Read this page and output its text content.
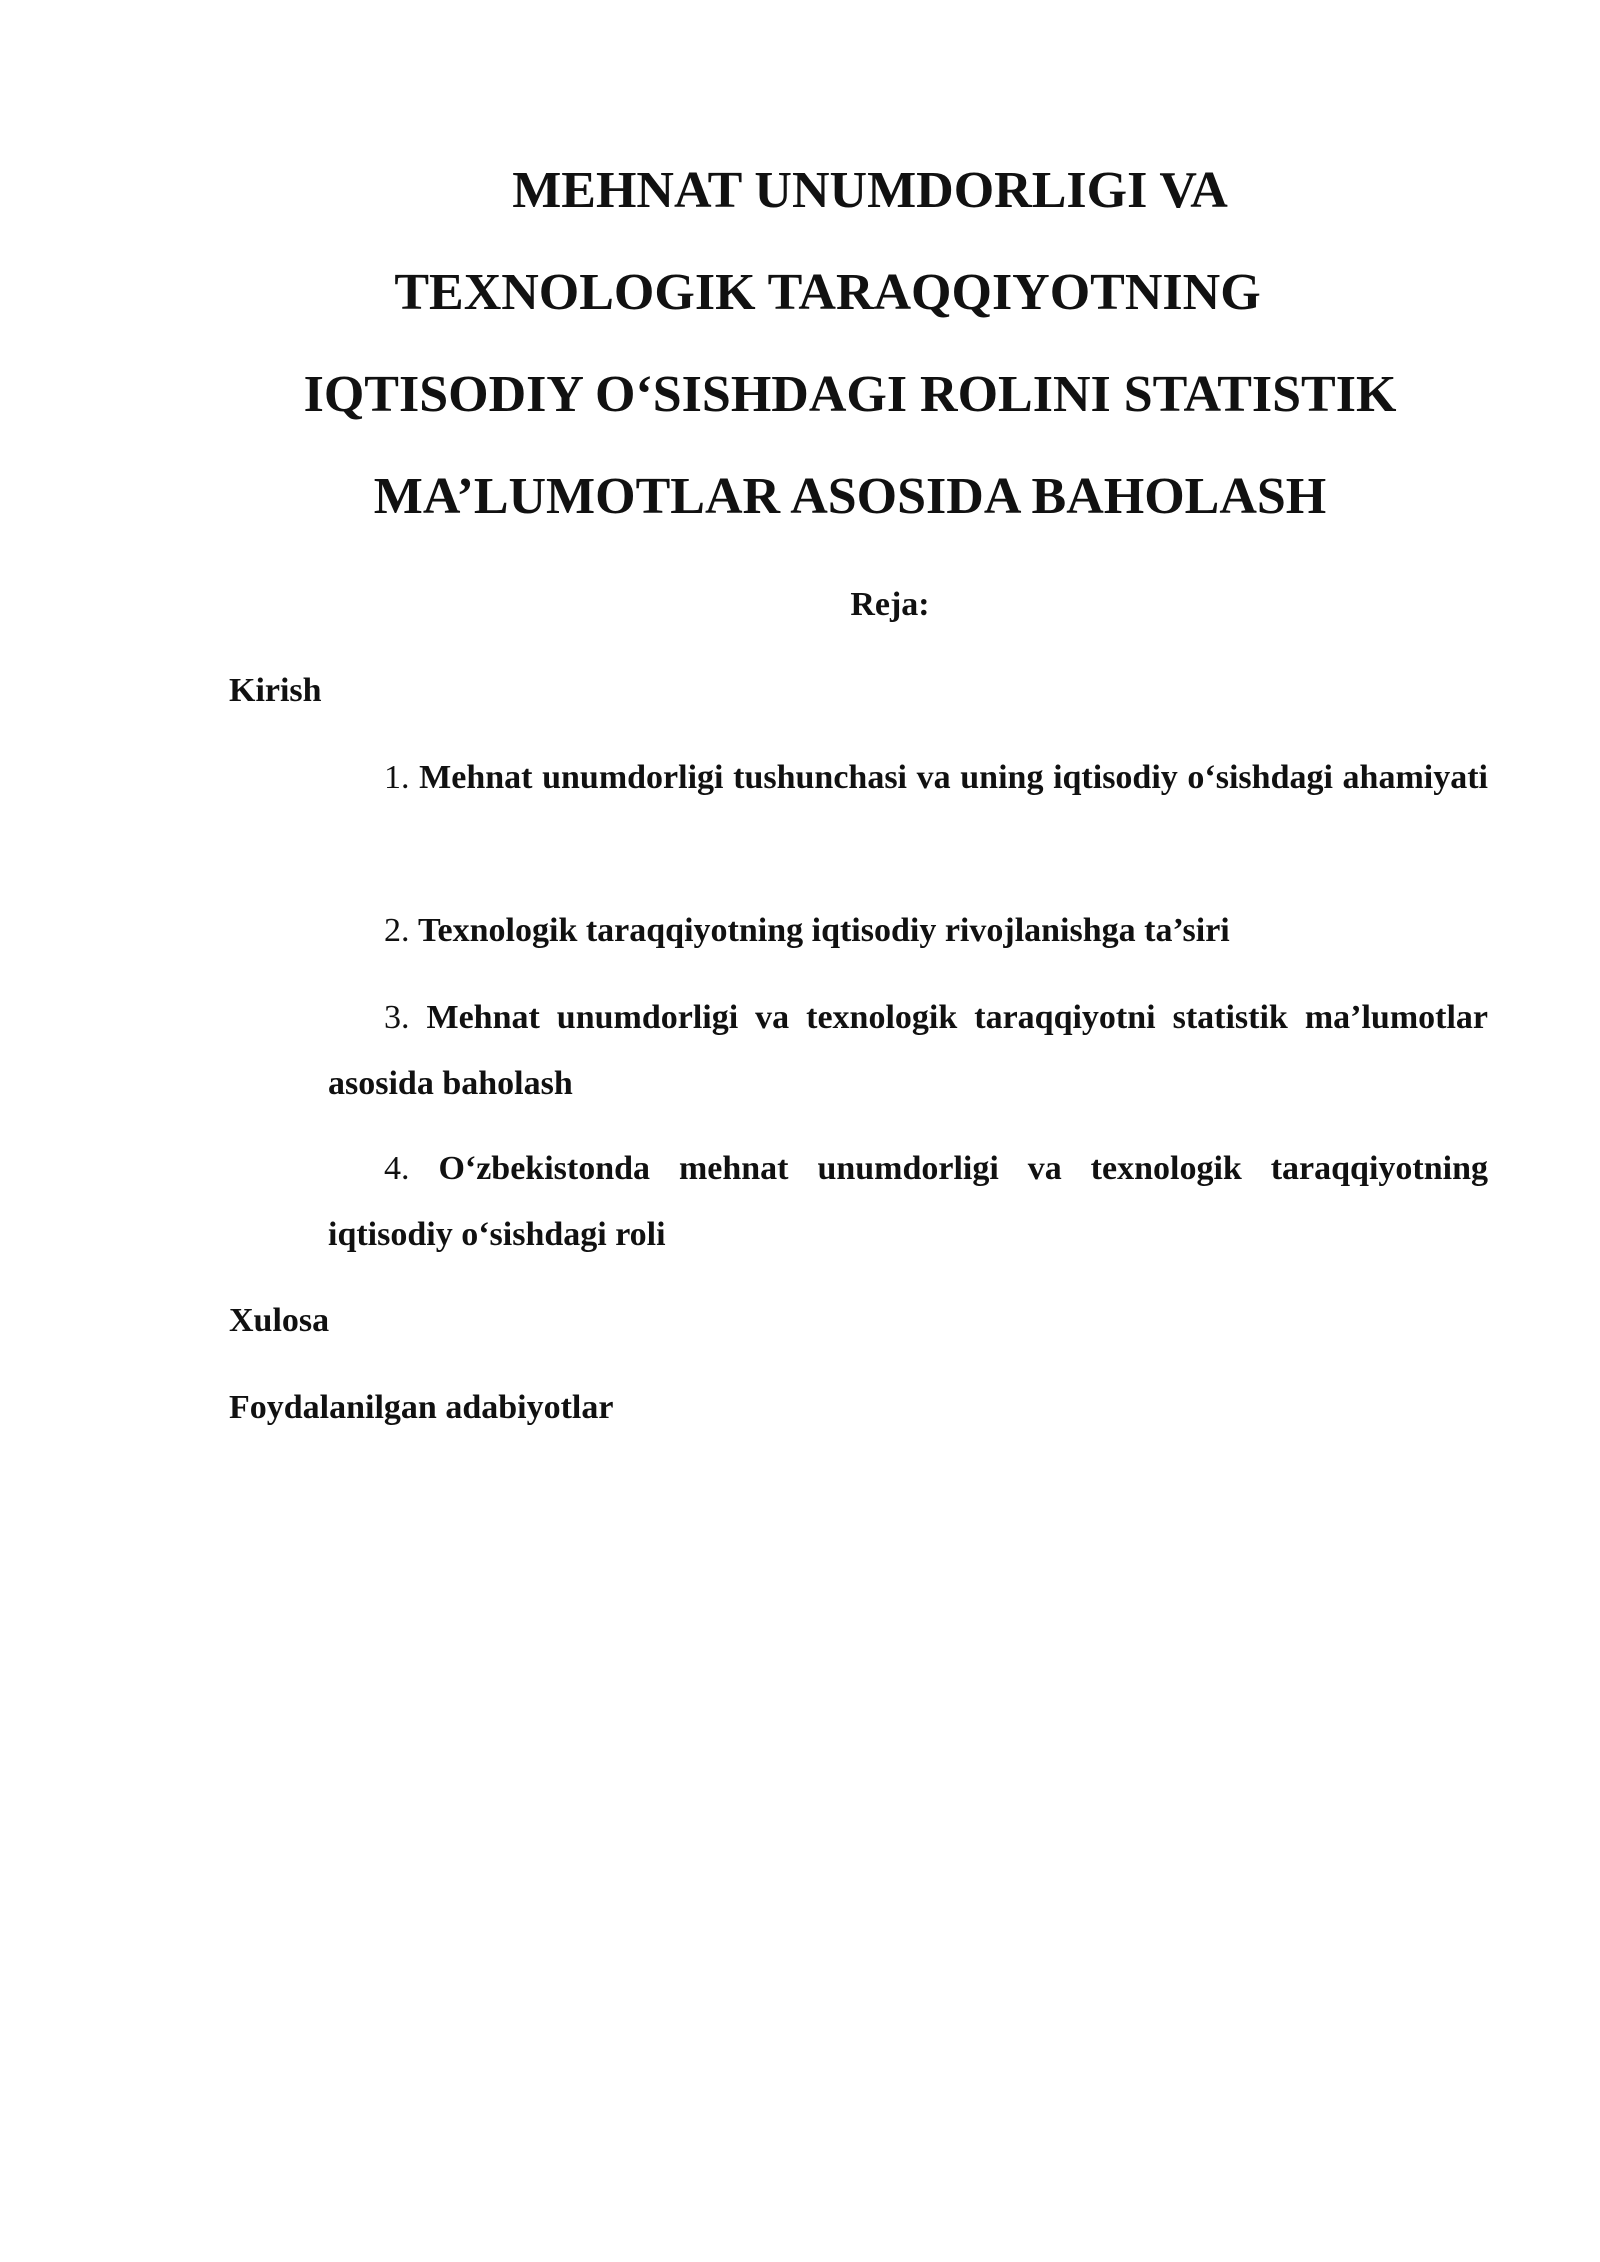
MEHNAT UNUMDORLIGI VA
TEXNOLOGIK TARAQQIYOTNING
IQTISODIY O‘SISHDAGI ROLINI STATISTIK
MA’LUMOTLAR ASOSIDA BAHOLASH
Reja:
Kirish
1. Mehnat unumdorligi tushunchasi va uning iqtisodiy o‘sishdagi ahamiyati
2. Texnologik taraqqiyotning iqtisodiy rivojlanishga ta’siri
3. Mehnat unumdorligi va texnologik taraqqiyotni statistik ma’lumotlar asosida baholash
4. O‘zbekistonda mehnat unumdorligi va texnologik taraqqiyotning iqtisodiy o‘sishdagi roli
Xulosa
Foydalanilgan adabiyotlar
